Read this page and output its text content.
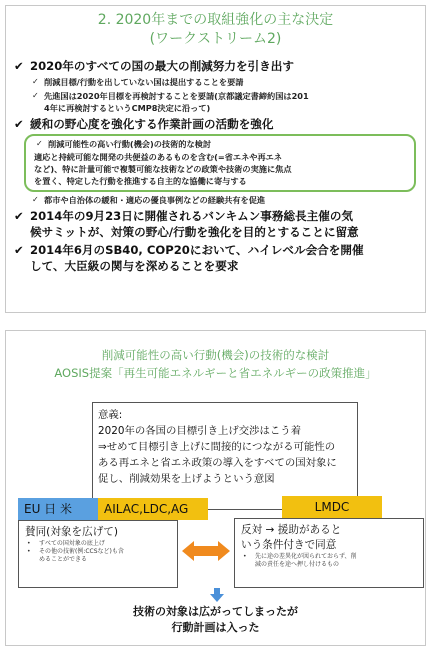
2. 2020年までの取組強化の主な決定
(ワークストリーム2)
✔ 2020年のすべての国の最大の削減努力を引き出す
✓ 削減目標/行動を出していない国は提出することを要請
✓ 先進国は2020年目標を再検討することを要請(京都議定書締約国は201
4年に再検討するというCMP8決定に沿って)
✔ 緩和の野心度を強化する作業計画の活動を強化
✓ 削減可能性の高い行動(機会)の技術的な検討
適応と持続可能な開発の共便益のあるものを含む(=省エネや再エネ
など)、特に計量可能で複製可能な技術などの政策や技術の実施に焦点
を置く、特定した行動を推進する自主的な協働に寄与する
✓ 都市や自治体の緩和・適応の優良事例などの経験共有を促進
✔ 2014年の9月23日に開催されるバンキムン事務総長主催の気
候サミットが、対策の野心/行動を強化を目的とすることに留意
✔ 2014年6月のSB40, COP20において、ハイレベル会合を開催
して、大臣級の関与を深めることを要求
削減可能性の高い行動(機会)の技術的な検討
AOSIS提案「再生可能エネルギーと省エネルギーの政策推進」
意義:
2020年の各国の目標引き上げ交渉はこう着
⇒せめて目標引き上げに間接的につながる可能性の
ある再エネと省エネ政策の導入をすべての国対象に
促し、削減効果を上げようという意図
EU 日 米	AILAC,LDC,AG	LMDC
賛同(対象を広げて)
• すべての国対象の底上げ
• その他の技術(例:CCSなど)も含
めることができる
反対 → 援助があると
いう条件付きで同意
• 先に途の差異化が図られておらず、削
減の責任を途へ押し付けるもの
技術の対象は広がってしまったが
行動計画は入った
